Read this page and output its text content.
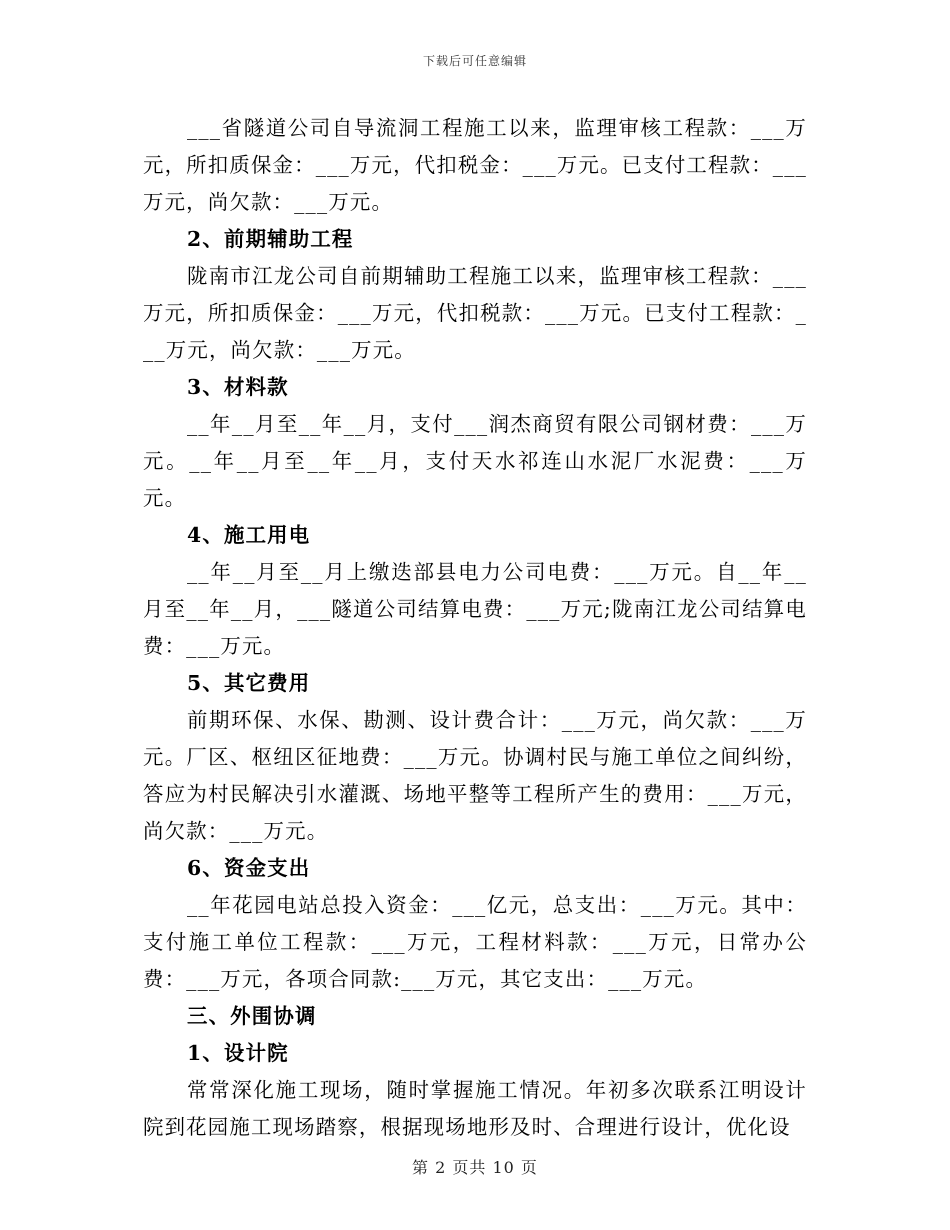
下载后可任意编辑

___省隧道公司自导流洞工程施工以来，监理审核工程款：___万元，所扣质保金：___万元，代扣税金：___万元。已支付工程款：___万元，尚欠款：___万元。

2、前期辅助工程

陇南市江龙公司自前期辅助工程施工以来，监理审核工程款：___万元，所扣质保金：___万元，代扣税款：___万元。已支付工程款：___万元，尚欠款：___万元。

3、材料款

__年__月至__年__月，支付___润杰商贸有限公司钢材费：___万元。__年__月至__年__月，支付天水祁连山水泥厂水泥费：___万元。

4、施工用电

__年__月至__月上缴迭部县电力公司电费：___万元。自__年__月至__年__月，___隧道公司结算电费：___万元;陇南江龙公司结算电费：___万元。

5、其它费用

前期环保、水保、勘测、设计费合计：___万元，尚欠款：___万元。厂区、枢纽区征地费：___万元。协调村民与施工单位之间纠纷，答应为村民解决引水灌溉、场地平整等工程所产生的费用：___万元，尚欠款：___万元。

6、资金支出

__年花园电站总投入资金：___亿元，总支出：___万元。其中：支付施工单位工程款：___万元，工程材料款：___万元，日常办公费：___万元，各项合同款:___万元，其它支出：___万元。

三、外围协调

1、设计院

常常深化施工现场，随时掌握施工情况。年初多次联系江明设计院到花园施工现场踏察，根据现场地形及时、合理进行设计，优化设

第 2 页共 10 页
